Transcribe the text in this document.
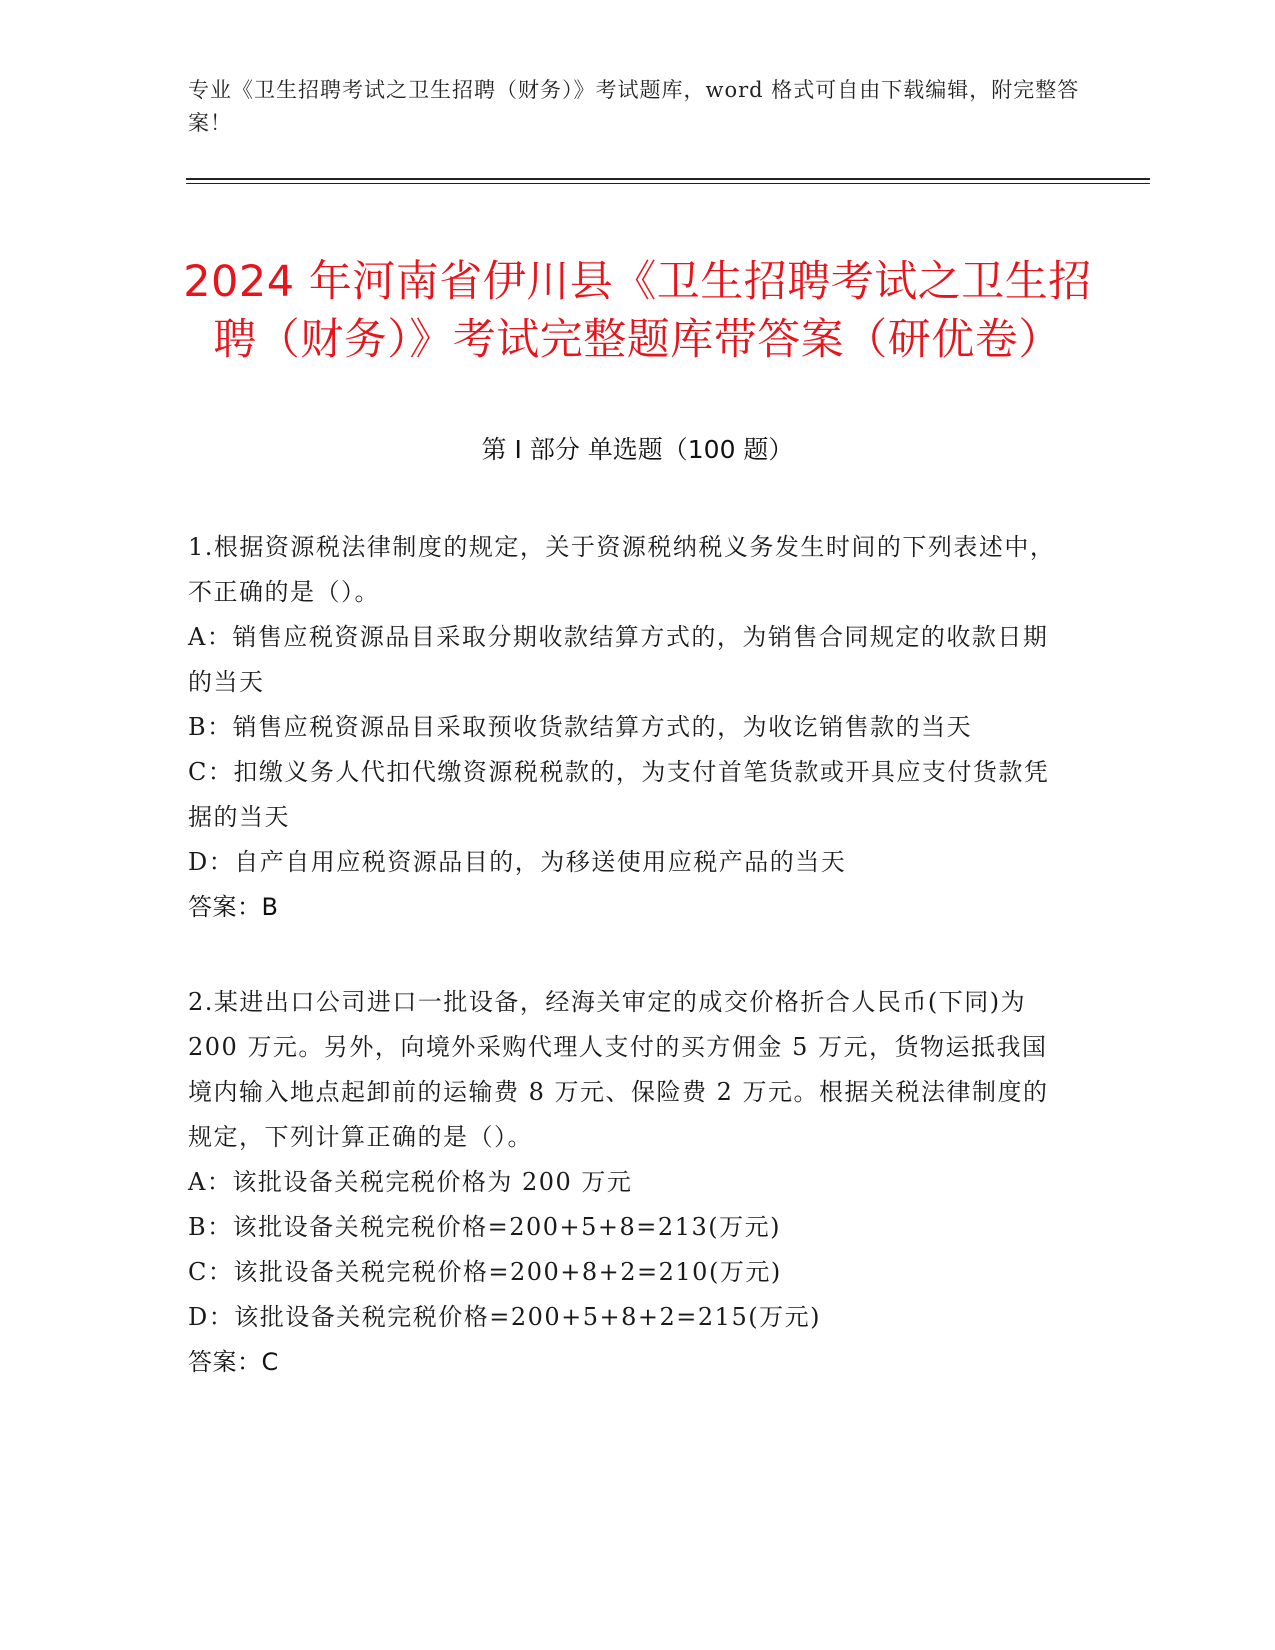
专业《卫生招聘考试之卫生招聘（财务）》考试题库，word 格式可自由下载编辑，附完整答案！
2024 年河南省伊川县《卫生招聘考试之卫生招聘（财务）》考试完整题库带答案（研优卷）
第 I 部分 单选题（100 题）

1.根据资源税法律制度的规定，关于资源税纳税义务发生时间的下列表述中，不正确的是（）。

A：销售应税资源品目采取分期收款结算方式的，为销售合同规定的收款日期的当天

B：销售应税资源品目采取预收货款结算方式的，为收讫销售款的当天

C：扣缴义务人代扣代缴资源税税款的，为支付首笔货款或开具应支付货款凭据的当天

D：自产自用应税资源品目的，为移送使用应税产品的当天

答案：B

2.某进出口公司进口一批设备，经海关审定的成交价格折合人民币(下同)为 200 万元。另外，向境外采购代理人支付的买方佣金 5 万元，货物运抵我国境内输入地点起卸前的运输费 8 万元、保险费 2 万元。根据关税法律制度的规定，下列计算正确的是（）。

A：该批设备关税完税价格为 200 万元

B：该批设备关税完税价格=200+5+8=213(万元)

C：该批设备关税完税价格=200+8+2=210(万元)

D：该批设备关税完税价格=200+5+8+2=215(万元)

答案：C
